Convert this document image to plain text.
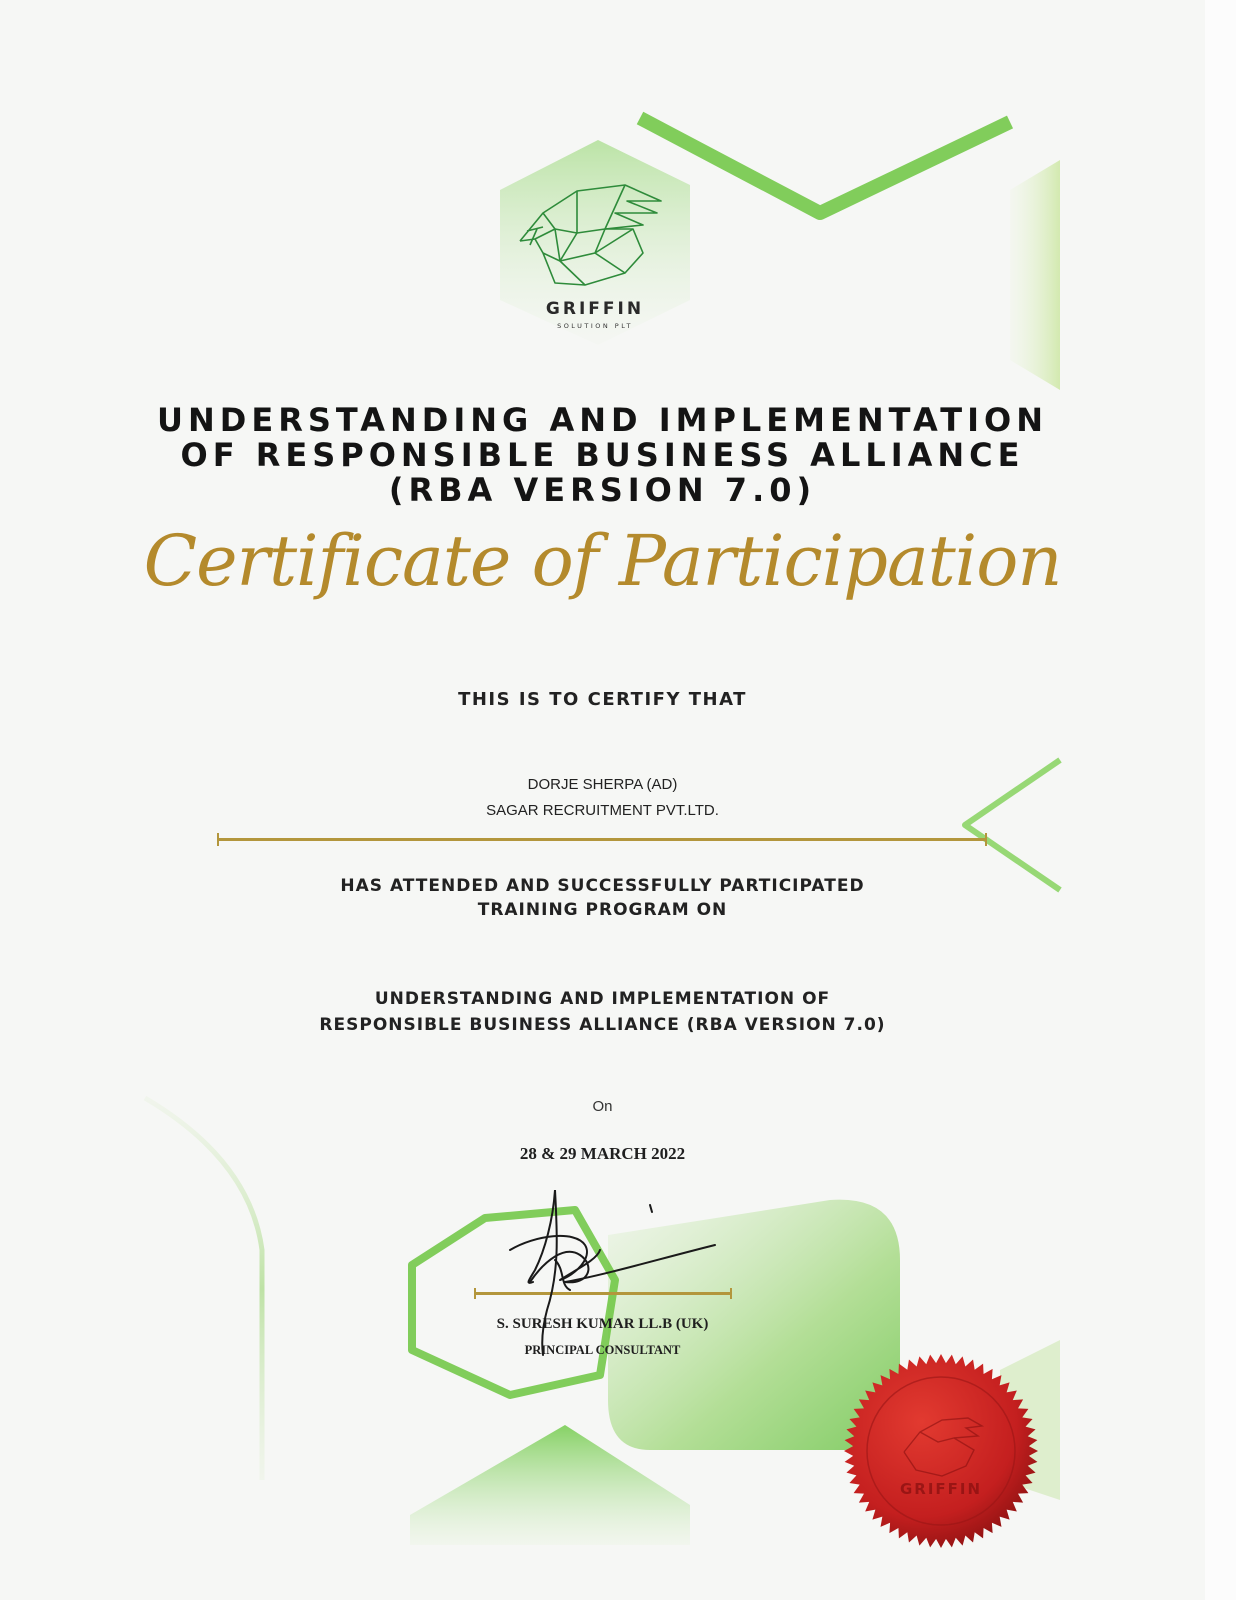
GRIFFIN
SOLUTION PLT
UNDERSTANDING AND IMPLEMENTATION
OF RESPONSIBLE BUSINESS ALLIANCE
(RBA VERSION 7.0)
Certificate of Participation
THIS IS TO CERTIFY THAT
DORJE SHERPA (AD)
SAGAR RECRUITMENT PVT.LTD.
HAS ATTENDED AND SUCCESSFULLY PARTICIPATED
TRAINING PROGRAM ON
UNDERSTANDING AND IMPLEMENTATION OF
RESPONSIBLE BUSINESS ALLIANCE (RBA VERSION 7.0)
On
28 & 29 MARCH 2022
S. SURESH KUMAR LL.B (UK)
PRINCIPAL CONSULTANT
GRIFFIN
